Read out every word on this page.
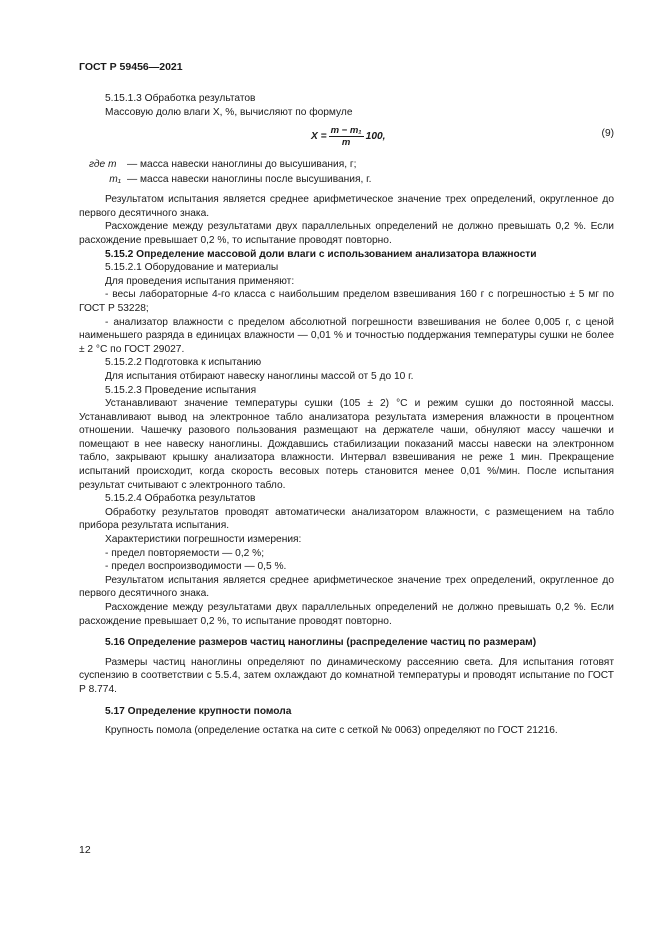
ГОСТ Р 59456—2021

5.15.1.3 Обработка результатов

Массовую долю влаги X, %, вычисляют по формуле

$X = \frac{\text{m − m₁}}{m} 100$,	(9)
где m	— масса навески наноглины до высушивания, г;
m₁ — масса навески наноглины после высушивания, г.

Результатом испытания является среднее арифметическое значение трех определений, округленное до первого десятичного знака.

Расхождение между результатами двух параллельных определений не должно превышать 0,2 %. Если расхождение превышает 0,2 %, то испытание проводят повторно.

5.15.2 Определение массовой доли влаги с использованием анализатора влажности

5.15.2.1 Оборудование и материалы

Для проведения испытания применяют:

- весы лабораторные 4-го класса с наибольшим пределом взвешивания 160 г с погрешностью ± 5 мг по ГОСТ Р 53228;

- анализатор влажности с пределом абсолютной погрешности взвешивания не более 0,005 г, с ценой наименьшего разряда в единицах влажности — 0,01 % и точностью поддержания температуры сушки не более ± 2 °С по ГОСТ 29027.

5.15.2.2 Подготовка к испытанию

Для испытания отбирают навеску наноглины массой от 5 до 10 г.

5.15.2.3 Проведение испытания

Устанавливают значение температуры сушки (105 ± 2) °С и режим сушки до постоянной массы. Устанавливают вывод на электронное табло анализатора результата измерения влажности в процентном отношении. Чашечку разового пользования размещают на держателе чаши, обнуляют массу чашечки и помещают в нее навеску наноглины. Дождавшись стабилизации показаний массы навески на электронном табло, закрывают крышку анализатора влажности. Интервал взвешивания не реже 1 мин. Прекращение испытаний происходит, когда скорость весовых потерь становится менее 0,01 %/мин. После испытания результат считывают с электронного табло.

5.15.2.4 Обработка результатов

Обработку результатов проводят автоматически анализатором влажности, с размещением на табло прибора результата испытания.

Характеристики погрешности измерения:

- предел повторяемости — 0,2 %;

- предел воспроизводимости — 0,5 %.

Результатом испытания является среднее арифметическое значение трех определений, округленное до первого десятичного знака.

Расхождение между результатами двух параллельных определений не должно превышать 0,2 %. Если расхождение превышает 0,2 %, то испытание проводят повторно.

5.16 Определение размеров частиц наноглины (распределение частиц по размерам)

Размеры частиц наноглины определяют по динамическому рассеянию света. Для испытания готовят суспензию в соответствии с 5.5.4, затем охлаждают до комнатной температуры и проводят испытание по ГОСТ Р 8.774.

5.17 Определение крупности помола

Крупность помола (определение остатка на сите с сеткой № 0063) определяют по ГОСТ 21216.

12
